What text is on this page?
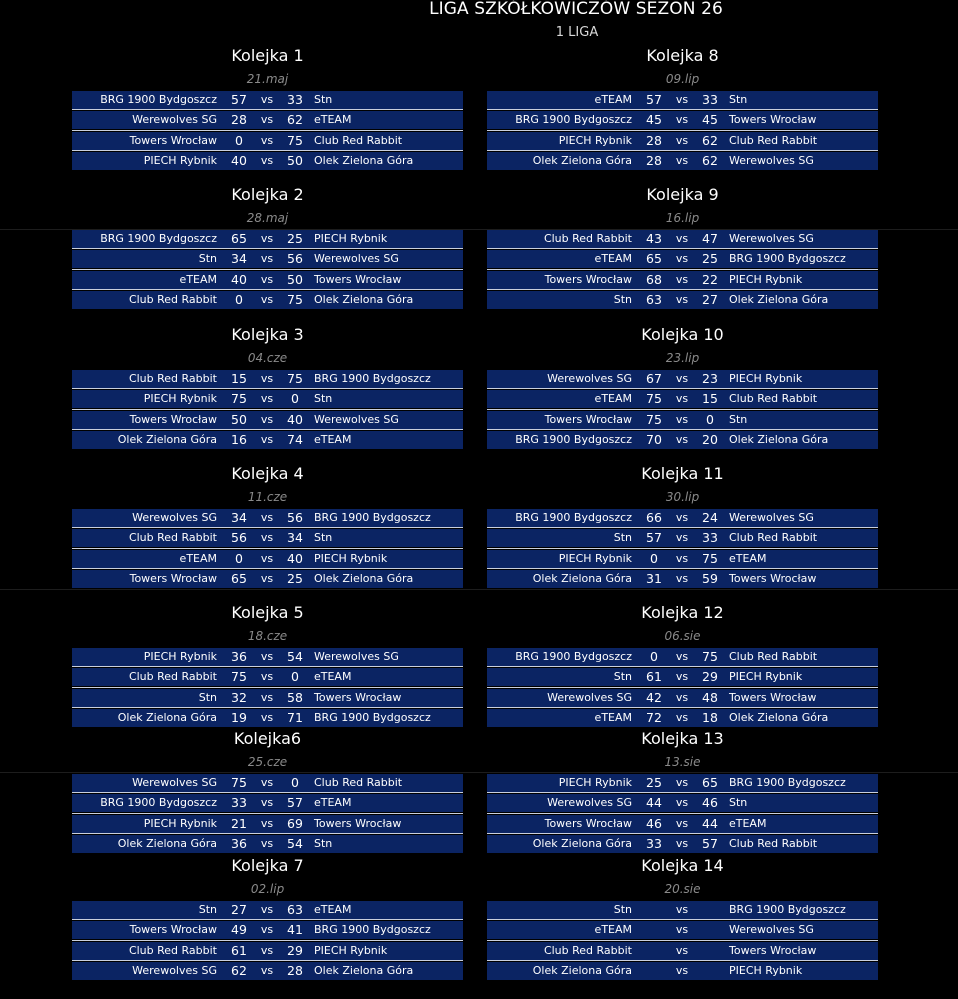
LIGA SZKÓŁKOWICZÓW SEZON 26
1 LIGA
Kolejka 1
21.maj
BRG 1900 Bydgoszcz	57	vs	33	Stn
Werewolves SG	28	vs	62	eTEAM
Towers Wrocław	0	vs	75	Club Red Rabbit
PIECH Rybnik	40	vs	50	Olek Zielona Góra
Kolejka 8
09.lip
eTEAM	57	vs	33	Stn
BRG 1900 Bydgoszcz	45	vs	45	Towers Wrocław
PIECH Rybnik	28	vs	62	Club Red Rabbit
Olek Zielona Góra	28	vs	62	Werewolves SG
Kolejka 2
28.maj
BRG 1900 Bydgoszcz	65	vs	25	PIECH Rybnik
Stn	34	vs	56	Werewolves SG
eTEAM	40	vs	50	Towers Wrocław
Club Red Rabbit	0	vs	75	Olek Zielona Góra
Kolejka 9
16.lip
Club Red Rabbit	43	vs	47	Werewolves SG
eTEAM	65	vs	25	BRG 1900 Bydgoszcz
Towers Wrocław	68	vs	22	PIECH Rybnik
Stn	63	vs	27	Olek Zielona Góra
Kolejka 3
04.cze
Club Red Rabbit	15	vs	75	BRG 1900 Bydgoszcz
PIECH Rybnik	75	vs	0	Stn
Towers Wrocław	50	vs	40	Werewolves SG
Olek Zielona Góra	16	vs	74	eTEAM
Kolejka 10
23.lip
Werewolves SG	67	vs	23	PIECH Rybnik
eTEAM	75	vs	15	Club Red Rabbit
Towers Wrocław	75	vs	0	Stn
BRG 1900 Bydgoszcz	70	vs	20	Olek Zielona Góra
Kolejka 4
11.cze
Werewolves SG	34	vs	56	BRG 1900 Bydgoszcz
Club Red Rabbit	56	vs	34	Stn
eTEAM	0	vs	40	PIECH Rybnik
Towers Wrocław	65	vs	25	Olek Zielona Góra
Kolejka 11
30.lip
BRG 1900 Bydgoszcz	66	vs	24	Werewolves SG
Stn	57	vs	33	Club Red Rabbit
PIECH Rybnik	0	vs	75	eTEAM
Olek Zielona Góra	31	vs	59	Towers Wrocław
Kolejka 5
18.cze
PIECH Rybnik	36	vs	54	Werewolves SG
Club Red Rabbit	75	vs	0	eTEAM
Stn	32	vs	58	Towers Wrocław
Olek Zielona Góra	19	vs	71	BRG 1900 Bydgoszcz
Kolejka 12
06.sie
BRG 1900 Bydgoszcz	0	vs	75	Club Red Rabbit
Stn	61	vs	29	PIECH Rybnik
Werewolves SG	42	vs	48	Towers Wrocław
eTEAM	72	vs	18	Olek Zielona Góra
Kolejka6
25.cze
Werewolves SG	75	vs	0	Club Red Rabbit
BRG 1900 Bydgoszcz	33	vs	57	eTEAM
PIECH Rybnik	21	vs	69	Towers Wrocław
Olek Zielona Góra	36	vs	54	Stn
Kolejka 13
13.sie
PIECH Rybnik	25	vs	65	BRG 1900 Bydgoszcz
Werewolves SG	44	vs	46	Stn
Towers Wrocław	46	vs	44	eTEAM
Olek Zielona Góra	33	vs	57	Club Red Rabbit
Kolejka 7
02.lip
Stn	27	vs	63	eTEAM
Towers Wrocław	49	vs	41	BRG 1900 Bydgoszcz
Club Red Rabbit	61	vs	29	PIECH Rybnik
Werewolves SG	62	vs	28	Olek Zielona Góra
Kolejka 14
20.sie
Stn	vs	BRG 1900 Bydgoszcz
eTEAM	vs	Werewolves SG
Club Red Rabbit	vs	Towers Wrocław
Olek Zielona Góra	vs	PIECH Rybnik
